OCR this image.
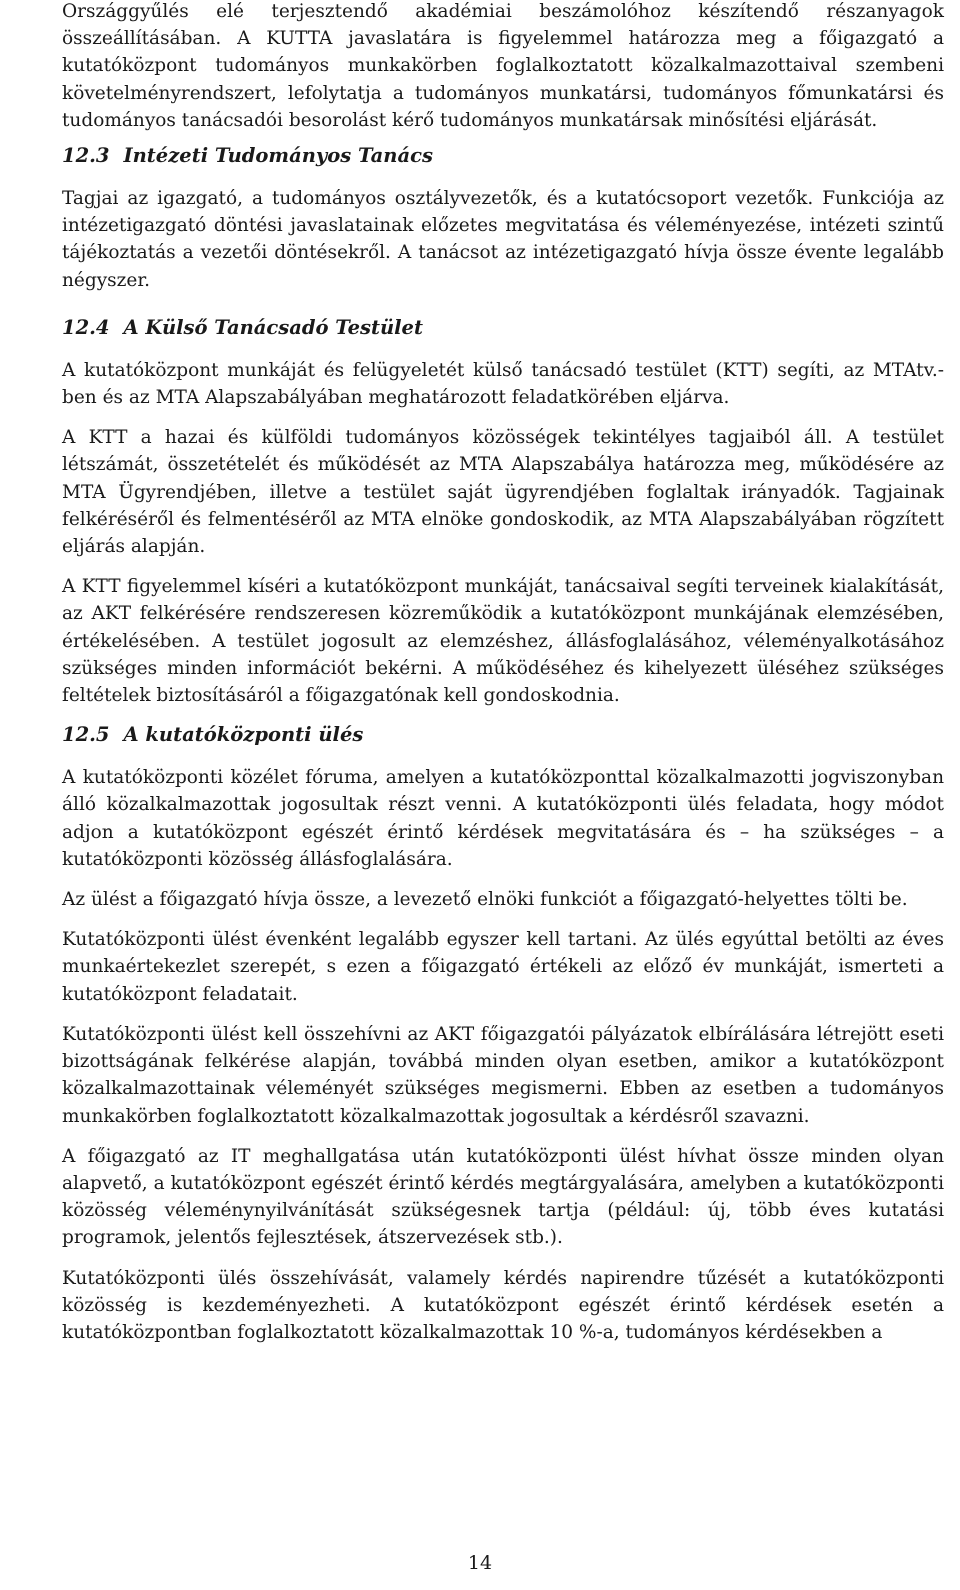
Országgyűlés elé terjesztendő akadémiai beszámolóhoz készítendő részanyagok összeállításában. A KUTTA javaslatára is figyelemmel határozza meg a főigazgató a kutatóközpont tudományos munkakörben foglalkoztatott közalkalmazottaival szembeni követelményrendszert, lefolytatja a tudományos munkatársi, tudományos főmunkatársi és tudományos tanácsadói besorolást kérő tudományos munkatársak minősítési eljárását.

12.3 Intézeti Tudományos Tanács

Tagjai az igazgató, a tudományos osztályvezetők, és a kutatócsoport vezetők. Funkciója az intézetigazgató döntési javaslatainak előzetes megvitatása és véleményezése, intézeti szintű tájékoztatás a vezetői döntésekről. A tanácsot az intézetigazgató hívja össze évente legalább négyszer.

12.4 A Külső Tanácsadó Testület

A kutatóközpont munkáját és felügyeletét külső tanácsadó testület (KTT) segíti, az MTAtv.-ben és az MTA Alapszabályában meghatározott feladatkörében eljárva.

A KTT a hazai és külföldi tudományos közösségek tekintélyes tagjaiból áll. A testület létszámát, összetételét és működését az MTA Alapszabálya határozza meg, működésére az MTA Ügyrendjében, illetve a testület saját ügyrendjében foglaltak irányadók. Tagjainak felkéréséről és felmentéséről az MTA elnöke gondoskodik, az MTA Alapszabályában rögzített eljárás alapján.

A KTT figyelemmel kíséri a kutatóközpont munkáját, tanácsaival segíti terveinek kialakítását, az AKT felkérésére rendszeresen közreműködik a kutatóközpont munkájának elemzésében, értékelésében. A testület jogosult az elemzéshez, állásfoglalásához, véleményalkotásához szükséges minden információt bekérni. A működéséhez és kihelyezett üléséhez szükséges feltételek biztosításáról a főigazgatónak kell gondoskodnia.

12.5 A kutatóközponti ülés

A kutatóközponti közélet fóruma, amelyen a kutatóközponttal közalkalmazotti jogviszonyban álló közalkalmazottak jogosultak részt venni. A kutatóközponti ülés feladata, hogy módot adjon a kutatóközpont egészét érintő kérdések megvitatására és – ha szükséges – a kutatóközponti közösség állásfoglalására.

Az ülést a főigazgató hívja össze, a levezető elnöki funkciót a főigazgató-helyettes tölti be.

Kutatóközponti ülést évenként legalább egyszer kell tartani. Az ülés egyúttal betölti az éves munkaértekezlet szerepét, s ezen a főigazgató értékeli az előző év munkáját, ismerteti a kutatóközpont feladatait.

Kutatóközponti ülést kell összehívni az AKT főigazgatói pályázatok elbírálására létrejött eseti bizottságának felkérése alapján, továbbá minden olyan esetben, amikor a kutatóközpont közalkalmazottainak véleményét szükséges megismerni. Ebben az esetben a tudományos munkakörben foglalkoztatott közalkalmazottak jogosultak a kérdésről szavazni.

A főigazgató az IT meghallgatása után kutatóközponti ülést hívhat össze minden olyan alapvető, a kutatóközpont egészét érintő kérdés megtárgyalására, amelyben a kutatóközponti közösség véleménynyilvánítását szükségesnek tartja (például: új, több éves kutatási programok, jelentős fejlesztések, átszervezések stb.).

Kutatóközponti ülés összehívását, valamely kérdés napirendre tűzését a kutatóközponti közösség is kezdeményezheti. A kutatóközpont egészét érintő kérdések esetén a kutatóközpontban foglalkoztatott közalkalmazottak 10 %-a, tudományos kérdésekben a

14
